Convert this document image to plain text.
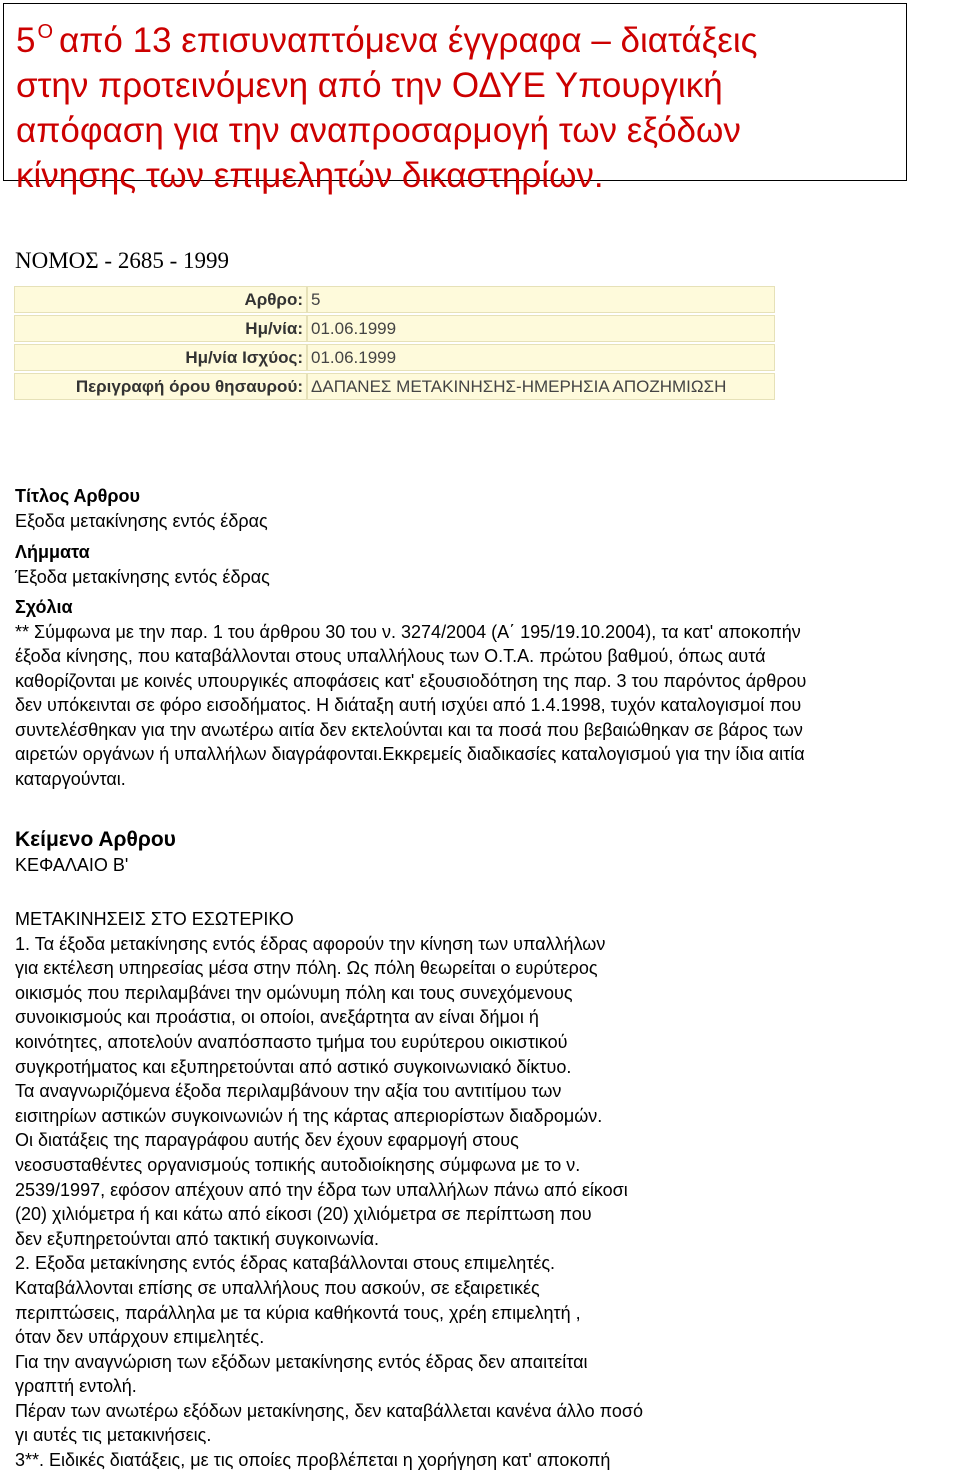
5 $^O$ από 13 επισυναπτόμενα έγγραφα – διατάξεις
στην προτεινόμενη από την ΟΔΥΕ Υπουργική
απόφαση για την αναπροσαρμογή των εξόδων
κίνησης των επιμελητών δικαστηρίων.
ΝΟΜΟΣ - 2685 - 1999
Αρθρο:	5
Ημ/νία:	01.06.1999
Ημ/νία Ισχύος:	01.06.1999
Περιγραφή όρου θησαυρού:	ΔΑΠΑΝΕΣ ΜΕΤΑΚΙΝΗΣΗΣ-ΗΜΕΡΗΣΙΑ ΑΠΟΖΗΜΙΩΣΗ
Τίτλος Αρθρου
Εξοδα μετακίνησης εντός έδρας
Λήμματα
Έξοδα μετακίνησης εντός έδρας
Σχόλια
** Σύμφωνα με την παρ. 1 του άρθρου 30 του ν. 3274/2004 (Α΄ 195/19.10.2004), τα κατ' αποκοπήν
έξοδα κίνησης, που καταβάλλονται στους υπαλλήλους των Ο.Τ.Α. πρώτου βαθμού, όπως αυτά
καθορίζονται με κοινές υπουργικές αποφάσεις κατ' εξουσιοδότηση της παρ. 3 του παρόντος άρθρου
δεν υπόκεινται σε φόρο εισοδήματος. Η διάταξη αυτή ισχύει από 1.4.1998, τυχόν καταλογισμοί που
συντελέσθηκαν για την ανωτέρω αιτία δεν εκτελούνται και τα ποσά που βεβαιώθηκαν σε βάρος των
αιρετών οργάνων ή υπαλλήλων διαγράφονται.Εκκρεμείς διαδικασίες καταλογισμού για την ίδια αιτία
καταργούνται.
Κείμενο Αρθρου
ΚΕΦΑΛΑΙΟ Β'
ΜΕΤΑΚΙΝΗΣΕΙΣ ΣΤΟ ΕΣΩΤΕΡΙΚΟ
1. Τα έξοδα μετακίνησης εντός έδρας αφορούν την κίνηση των υπαλλήλων
για εκτέλεση υπηρεσίας μέσα στην πόλη. Ως πόλη θεωρείται ο ευρύτερος
οικισμός που περιλαμβάνει την ομώνυμη πόλη και τους συνεχόμενους
συνοικισμούς και προάστια, οι οποίοι, ανεξάρτητα αν είναι δήμοι ή
κοινότητες, αποτελούν αναπόσπαστο τμήμα του ευρύτερου οικιστικού
συγκροτήματος και εξυπηρετούνται από αστικό συγκοινωνιακό δίκτυο.
Τα αναγνωριζόμενα έξοδα περιλαμβάνουν την αξία του αντιτίμου των
εισιτηρίων αστικών συγκοινωνιών ή της κάρτας απεριορίστων διαδρομών.
Οι διατάξεις της παραγράφου αυτής δεν έχουν εφαρμογή στους
νεοσυσταθέντες οργανισμούς τοπικής αυτοδιοίκησης σύμφωνα με το ν.
2539/1997, εφόσον απέχουν από την έδρα των υπαλλήλων πάνω από είκοσι
(20) χιλιόμετρα ή και κάτω από είκοσι (20) χιλιόμετρα σε περίπτωση που
δεν εξυπηρετούνται από τακτική συγκοινωνία.
2. Εξοδα μετακίνησης εντός έδρας καταβάλλονται στους επιμελητές.
Καταβάλλονται επίσης σε υπαλλήλους που ασκούν, σε εξαιρετικές
περιπτώσεις, παράλληλα με τα κύρια καθήκοντά τους, χρέη επιμελητή ,
όταν δεν υπάρχουν επιμελητές.
Για την αναγνώριση των εξόδων μετακίνησης εντός έδρας δεν απαιτείται
γραπτή εντολή.
Πέραν των ανωτέρω εξόδων μετακίνησης, δεν καταβάλλεται κανένα άλλο ποσό
γι αυτές τις μετακινήσεις.
3**. Ειδικές διατάξεις, με τις οποίες προβλέπεται η χορήγηση κατ' αποκοπή
